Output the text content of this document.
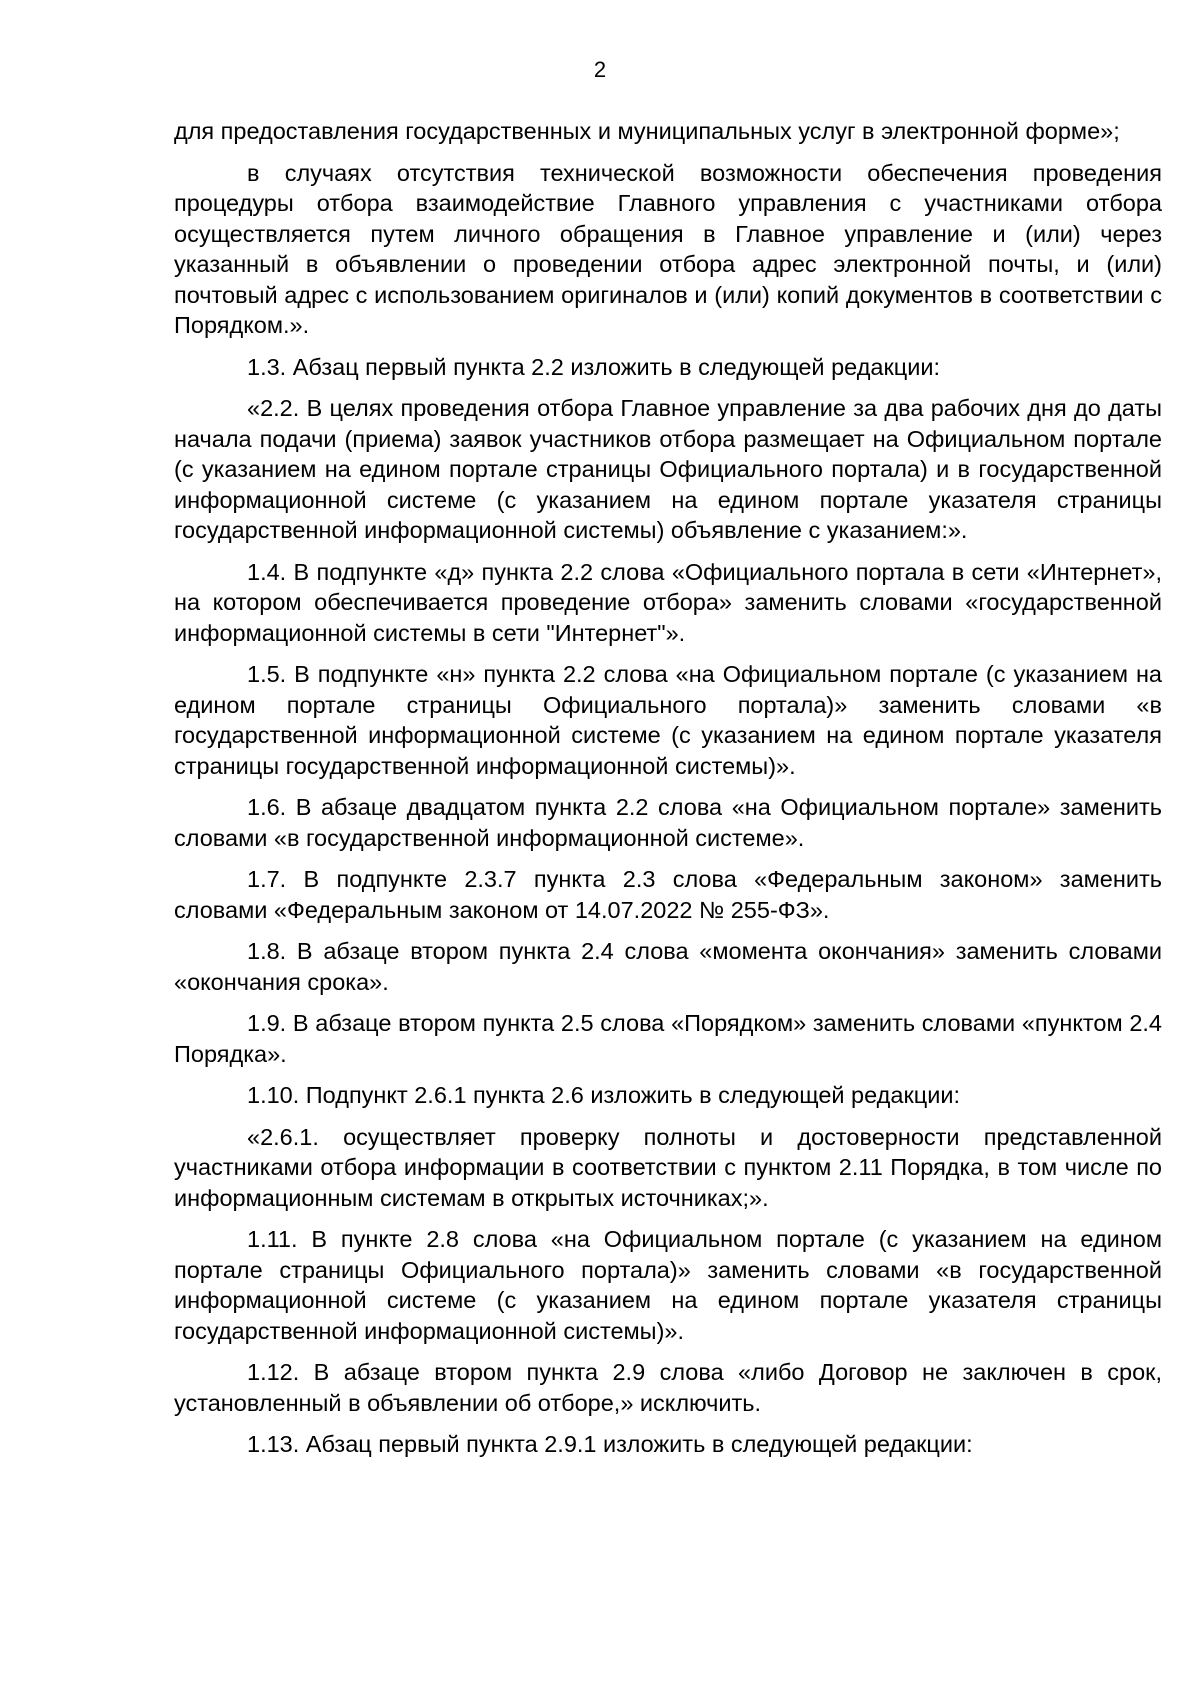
2

для предоставления государственных и муниципальных услуг в электронной форме»;

в случаях отсутствия технической возможности обеспечения проведения процедуры отбора взаимодействие Главного управления с участниками отбора осуществляется путем личного обращения в Главное управление и (или) через указанный в объявлении о проведении отбора адрес электронной почты, и (или) почтовый адрес с использованием оригиналов и (или) копий документов в соответствии с Порядком.».

1.3. Абзац первый пункта 2.2 изложить в следующей редакции:

«2.2. В целях проведения отбора Главное управление за два рабочих дня до даты начала подачи (приема) заявок участников отбора размещает на Официальном портале (с указанием на едином портале страницы Официального портала) и в государственной информационной системе (с указанием на едином портале указателя страницы государственной информационной системы) объявление с указанием:».

1.4. В подпункте «д» пункта 2.2 слова «Официального портала в сети «Интернет», на котором обеспечивается проведение отбора» заменить словами «государственной информационной системы в сети "Интернет"».

1.5. В подпункте «н» пункта 2.2 слова «на Официальном портале (с указанием на едином портале страницы Официального портала)» заменить словами «в государственной информационной системе (с указанием на едином портале указателя страницы государственной информационной системы)».

1.6. В абзаце двадцатом пункта 2.2 слова «на Официальном портале» заменить словами «в государственной информационной системе».

1.7. В подпункте 2.3.7 пункта 2.3 слова «Федеральным законом» заменить словами «Федеральным законом от 14.07.2022 № 255-ФЗ».

1.8. В абзаце втором пункта 2.4 слова «момента окончания» заменить словами «окончания срока».

1.9. В абзаце втором пункта 2.5 слова «Порядком» заменить словами «пунктом 2.4 Порядка».

1.10. Подпункт 2.6.1 пункта 2.6 изложить в следующей редакции:

«2.6.1. осуществляет проверку полноты и достоверности представленной участниками отбора информации в соответствии с пунктом 2.11 Порядка, в том числе по информационным системам в открытых источниках;».

1.11. В пункте 2.8 слова «на Официальном портале (с указанием на едином портале страницы Официального портала)» заменить словами «в государственной информационной системе (с указанием на едином портале указателя страницы государственной информационной системы)».

1.12. В абзаце втором пункта 2.9 слова «либо Договор не заключен в срок, установленный в объявлении об отборе,» исключить.

1.13. Абзац первый пункта 2.9.1 изложить в следующей редакции:
